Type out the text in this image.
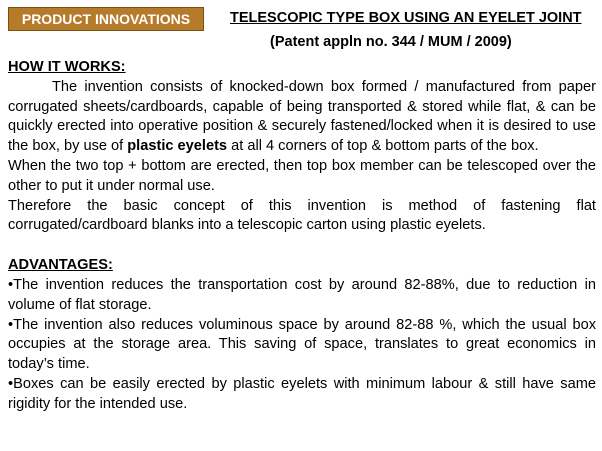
PRODUCT INNOVATIONS	TELESCOPIC TYPE BOX USING AN EYELET JOINT
(Patent appln no. 344 / MUM / 2009)
HOW IT WORKS:

The invention consists of knocked-down box formed / manufactured from paper corrugated sheets/cardboards, capable of being transported & stored while flat, & can be quickly erected into operative position & securely fastened/locked when it is desired to use the box, by use of plastic eyelets at all 4 corners of top & bottom parts of the box.

When the two top + bottom are erected, then top box member can be telescoped over the other to put it under normal use.

Therefore the basic concept of this invention is method of fastening flat corrugated/cardboard blanks into a telescopic carton using plastic eyelets.

ADVANTAGES:

•The invention reduces the transportation cost by around 82-88%, due to reduction in volume of flat storage.

•The invention also reduces voluminous space by around 82-88 %, which the usual box occupies at the storage area. This saving of space, translates to great economics in today’s time.

•Boxes can be easily erected by plastic eyelets with minimum labour & still have same rigidity for the intended use.
